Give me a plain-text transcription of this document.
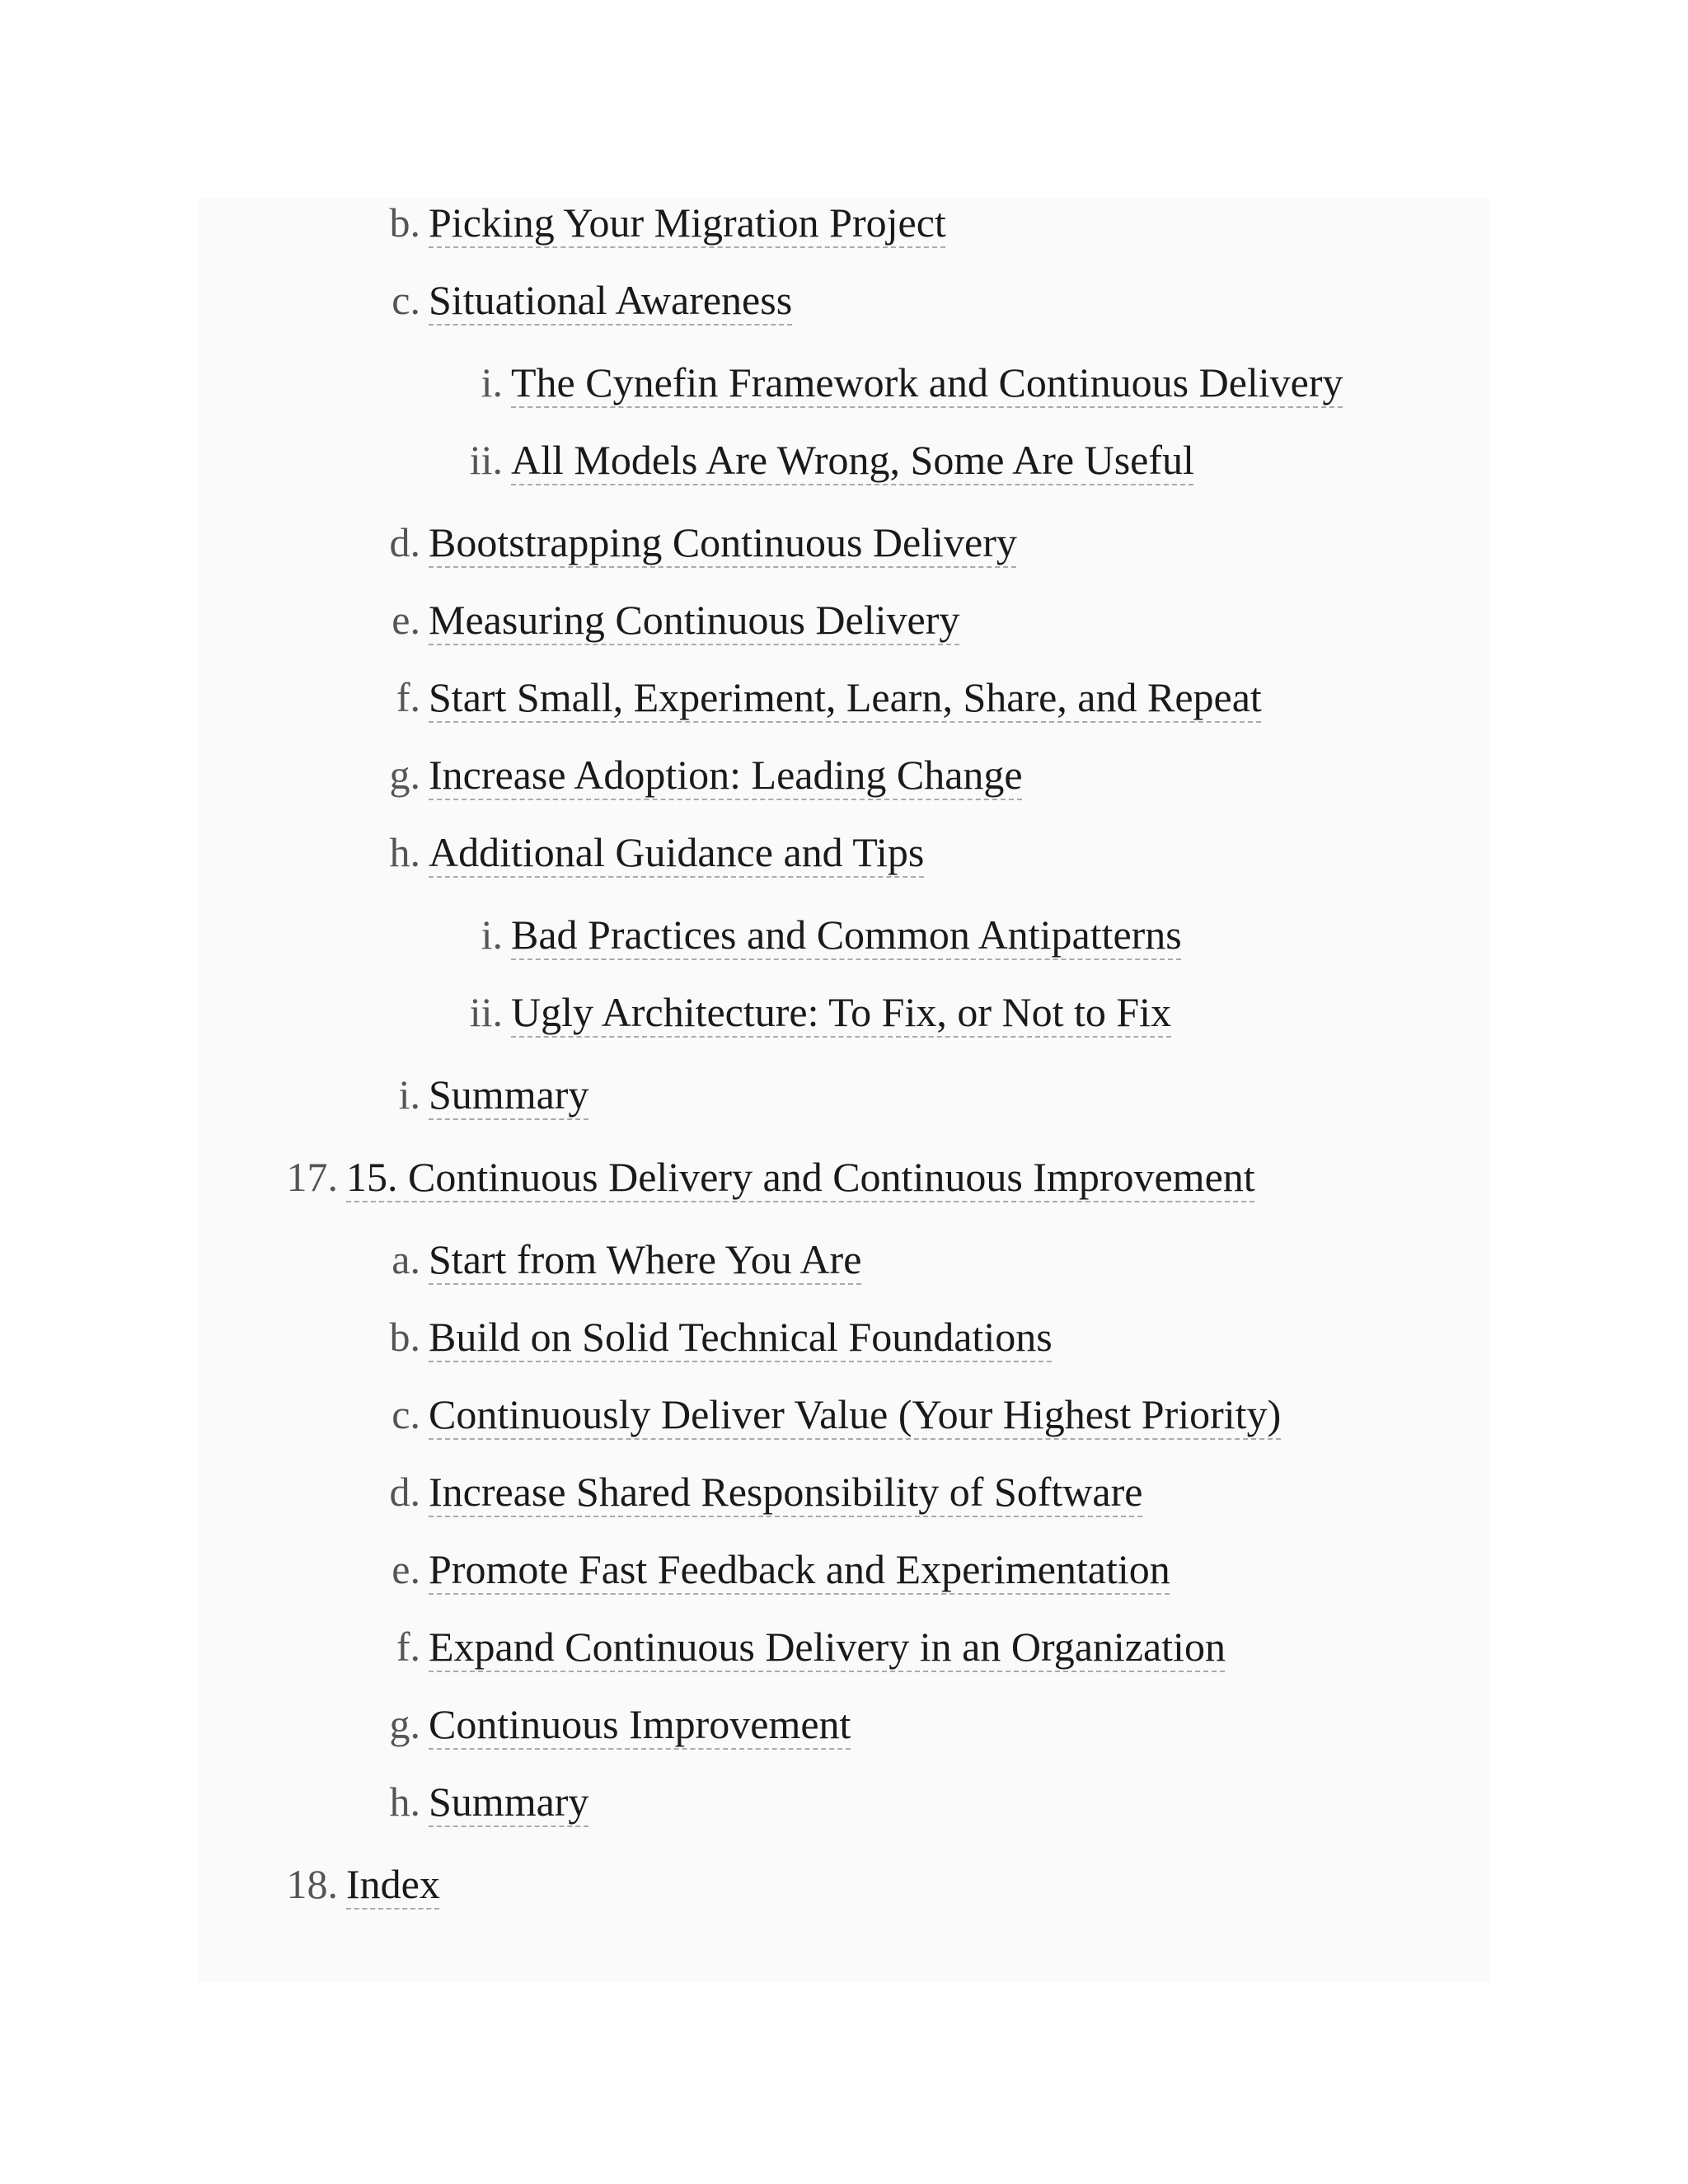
b. Picking Your Migration Project
c. Situational Awareness
i. The Cynefin Framework and Continuous Delivery
ii. All Models Are Wrong, Some Are Useful
d. Bootstrapping Continuous Delivery
e. Measuring Continuous Delivery
f. Start Small, Experiment, Learn, Share, and Repeat
g. Increase Adoption: Leading Change
h. Additional Guidance and Tips
i. Bad Practices and Common Antipatterns
ii. Ugly Architecture: To Fix, or Not to Fix
i. Summary
17. 15. Continuous Delivery and Continuous Improvement
a. Start from Where You Are
b. Build on Solid Technical Foundations
c. Continuously Deliver Value (Your Highest Priority)
d. Increase Shared Responsibility of Software
e. Promote Fast Feedback and Experimentation
f. Expand Continuous Delivery in an Organization
g. Continuous Improvement
h. Summary
18. Index
